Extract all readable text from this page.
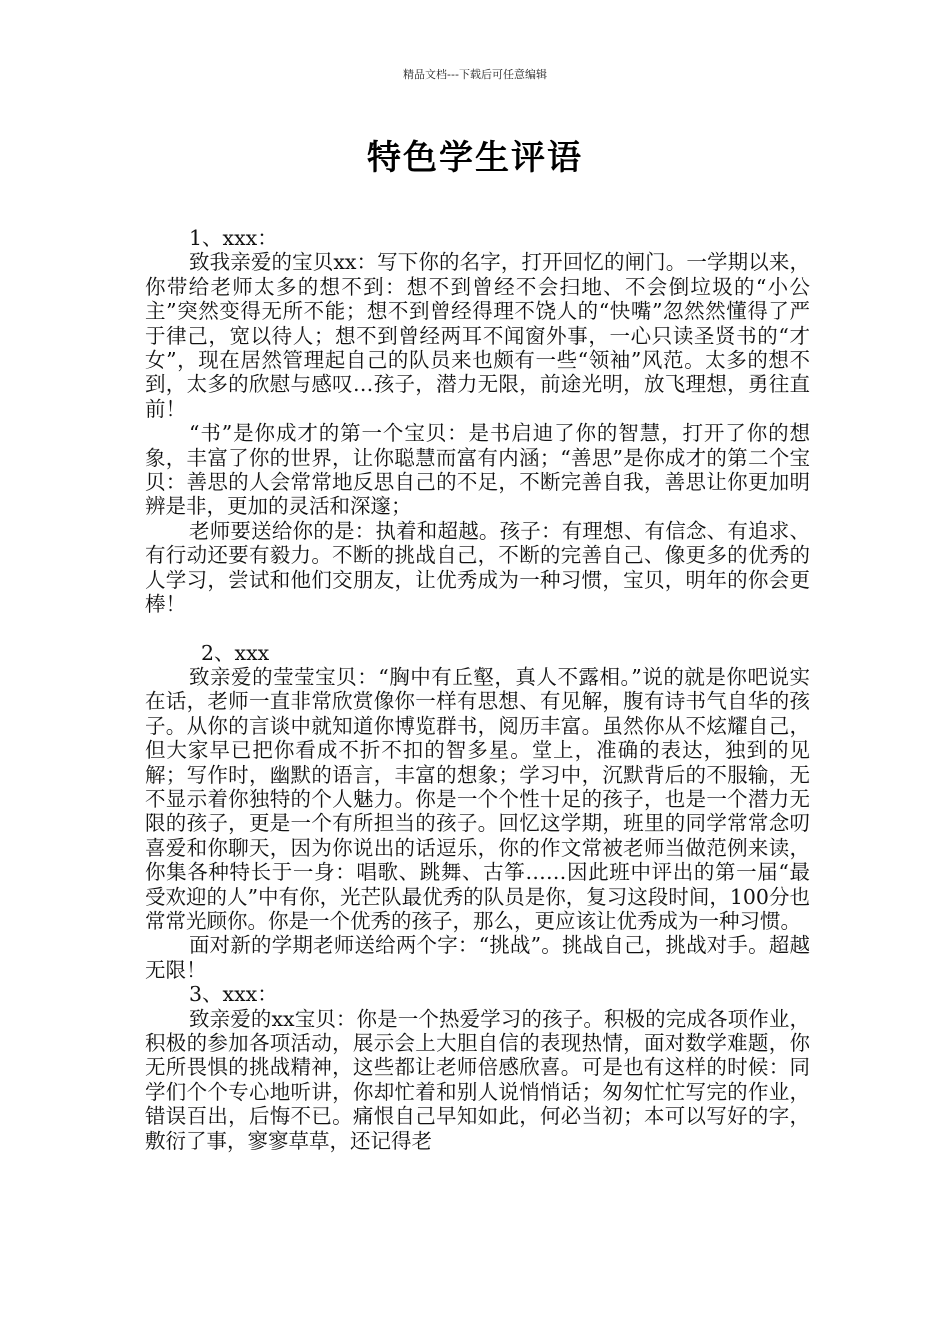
精品文档---下载后可任意编辑
特色学生评语

1、xxx：

致我亲爱的宝贝xx：写下你的名字，打开回忆的闸门。一学期以来，你带给老师太多的想不到：想不到曾经不会扫地、不会倒垃圾的“小公主”突然变得无所不能；想不到曾经得理不饶人的“快嘴”忽然然懂得了严于律己，宽以待人；想不到曾经两耳不闻窗外事，一心只读圣贤书的“才女”，现在居然管理起自己的队员来也颇有一些“领袖”风范。太多的想不到，太多的欣慰与感叹…孩子，潜力无限，前途光明，放飞理想，勇往直前！

“书”是你成才的第一个宝贝：是书启迪了你的智慧，打开了你的想象，丰富了你的世界，让你聪慧而富有内涵；“善思”是你成才的第二个宝贝：善思的人会常常地反思自己的不足，不断完善自我，善思让你更加明辨是非，更加的灵活和深邃；

老师要送给你的是：执着和超越。孩子：有理想、有信念、有追求、有行动还要有毅力。不断的挑战自己，不断的完善自己、像更多的优秀的人学习，尝试和他们交朋友，让优秀成为一种习惯，宝贝，明年的你会更棒！

2、xxx

致亲爱的莹莹宝贝：“胸中有丘壑，真人不露相。”说的就是你吧说实在话，老师一直非常欣赏像你一样有思想、有见解，腹有诗书气自华的孩子。从你的言谈中就知道你博览群书，阅历丰富。虽然你从不炫耀自己，但大家早已把你看成不折不扣的智多星。堂上，准确的表达，独到的见解；写作时，幽默的语言，丰富的想象；学习中，沉默背后的不服输，无不显示着你独特的个人魅力。你是一个个性十足的孩子，也是一个潜力无限的孩子，更是一个有所担当的孩子。回忆这学期，班里的同学常常念叨喜爱和你聊天，因为你说出的话逗乐，你的作文常被老师当做范例来读，你集各种特长于一身：唱歌、跳舞、古筝……因此班中评出的第一届“最受欢迎的人”中有你，光芒队最优秀的队员是你，复习这段时间，100分也常常光顾你。你是一个优秀的孩子，那么，更应该让优秀成为一种习惯。

面对新的学期老师送给两个字：“挑战”。挑战自己，挑战对手。超越无限！

3、xxx：

致亲爱的xx宝贝：你是一个热爱学习的孩子。积极的完成各项作业，积极的参加各项活动，展示会上大胆自信的表现热情，面对数学难题，你无所畏惧的挑战精神，这些都让老师倍感欣喜。可是也有这样的时候：同学们个个专心地听讲，你却忙着和别人说悄悄话；匆匆忙忙写完的作业，错误百出，后悔不已。痛恨自己早知如此，何必当初；本可以写好的字，敷衍了事，寥寥草草，还记得老
